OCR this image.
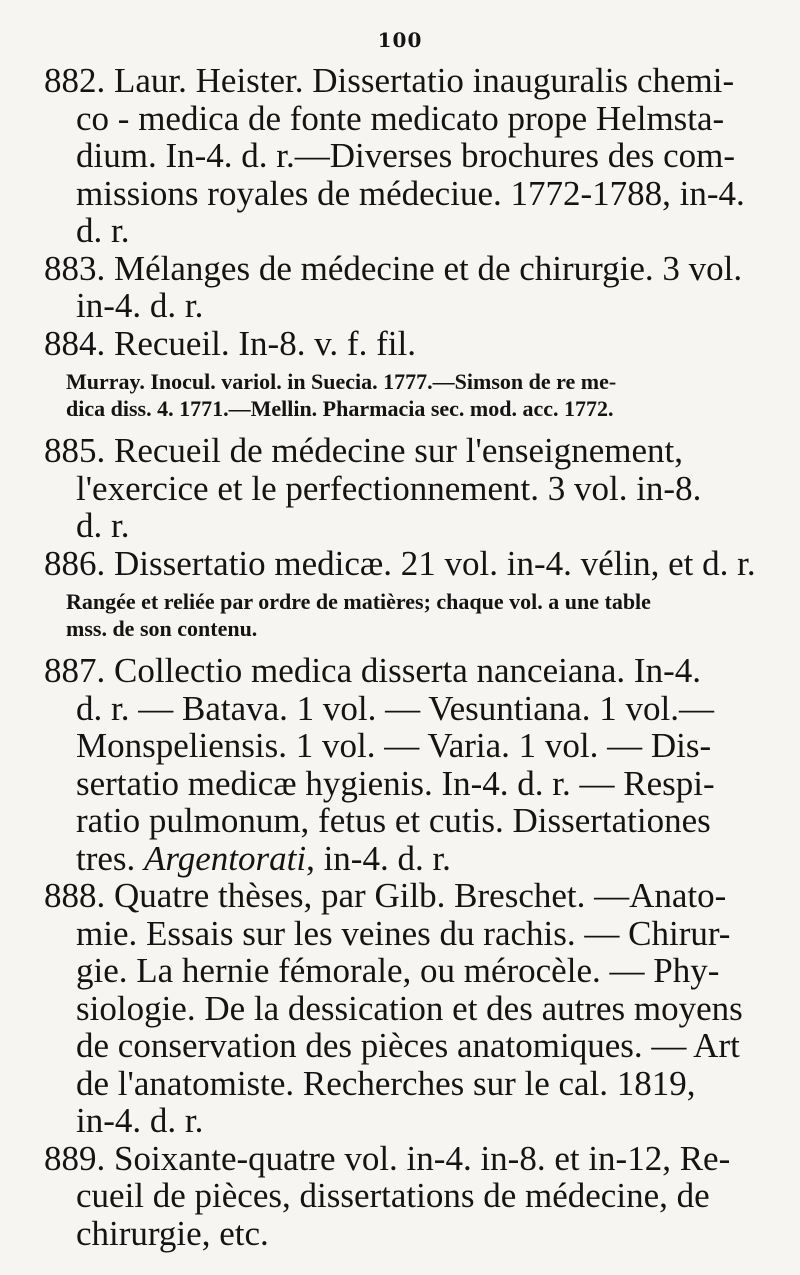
100
882. Laur. Heister. Dissertatio inauguralis chemi-
co - medica de fonte medicato prope Helmsta-
dium. In-4. d. r.—Diverses brochures des com-
missions royales de médeciue. 1772-1788, in-4.
d. r.
883. Mélanges de médecine et de chirurgie. 3 vol.
in-4. d. r.
884. Recueil. In-8. v. f. fil.
Murray. Inocul. variol. in Suecia. 1777.—Simson de re me-
dica diss. 4. 1771.—Mellin. Pharmacia sec. mod. acc. 1772.
885. Recueil de médecine sur l'enseignement,
l'exercice et le perfectionnement. 3 vol. in-8.
d. r.
886. Dissertatio medicæ. 21 vol. in-4. vélin, et d. r.
Rangée et reliée par ordre de matières; chaque vol. a une table
mss. de son contenu.
887. Collectio medica disserta nanceiana. In-4.
d. r. — Batava. 1 vol. — Vesuntiana. 1 vol.—
Monspeliensis. 1 vol. — Varia. 1 vol. — Dis-
sertatio medicæ hygienis. In-4. d. r. — Respi-
ratio pulmonum, fetus et cutis. Dissertationes
tres. Argentorati, in-4. d. r.
888. Quatre thèses, par Gilb. Breschet. —Anato-
mie. Essais sur les veines du rachis. — Chirur-
gie. La hernie fémorale, ou mérocèle. — Phy-
siologie. De la dessication et des autres moyens
de conservation des pièces anatomiques. — Art
de l'anatomiste. Recherches sur le cal. 1819,
in-4. d. r.
889. Soixante-quatre vol. in-4. in-8. et in-12, Re-
cueil de pièces, dissertations de médecine, de
chirurgie, etc.
